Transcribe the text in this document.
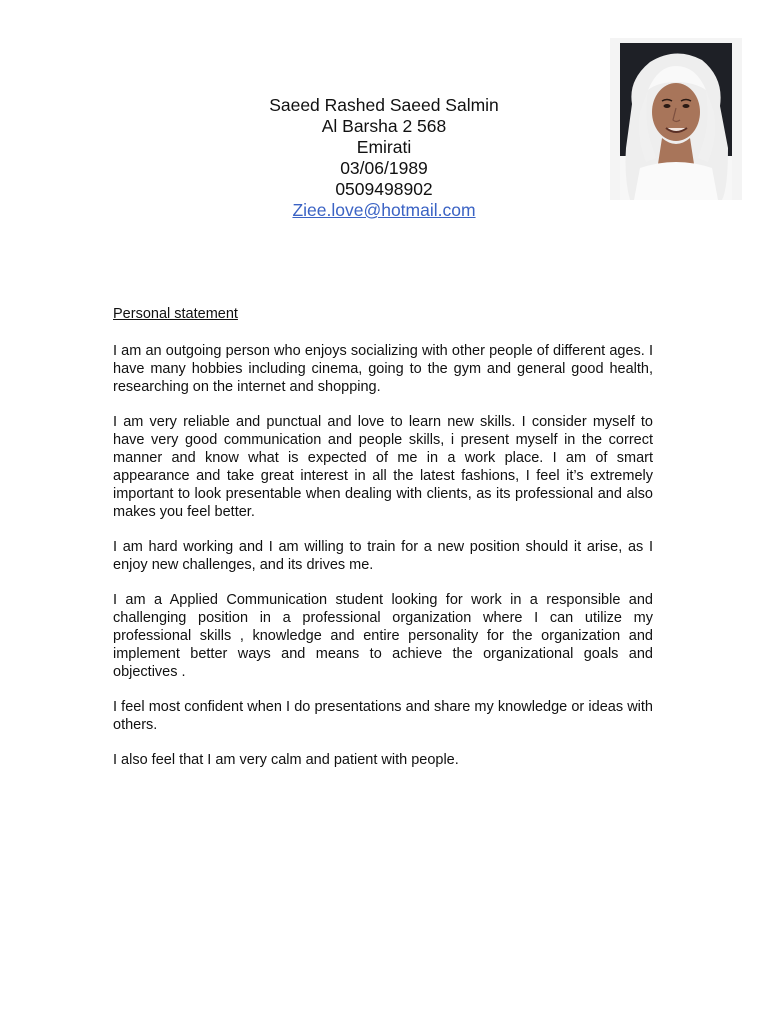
Saeed Rashed Saeed Salmin
Al Barsha 2 568
Emirati
03/06/1989
0509498902
Ziee.love@hotmail.com
Personal statement

I am an outgoing person who enjoys socializing with other people of different ages. I have many hobbies including cinema, going to the gym and general good health, researching on the internet and shopping.

I am very reliable and punctual and love to learn new skills. I consider myself to have very good communication and people skills, i present myself in the correct manner and know what is expected of me in a work place. I am of smart appearance and take great interest in all the latest fashions, I feel it’s extremely important to look presentable when dealing with clients, as its professional and also makes you feel better.

I am hard working and I am willing to train for a new position should it arise, as I enjoy new challenges, and its drives me.

I am a Applied Communication student looking for work in a responsible and challenging position in a professional organization where I can utilize my professional skills , knowledge and entire personality for the organization and implement better ways and means to achieve the organizational goals and objectives .

I feel most confident when I do presentations and share my knowledge or ideas with others.

I also feel that I am very calm and patient with people.
